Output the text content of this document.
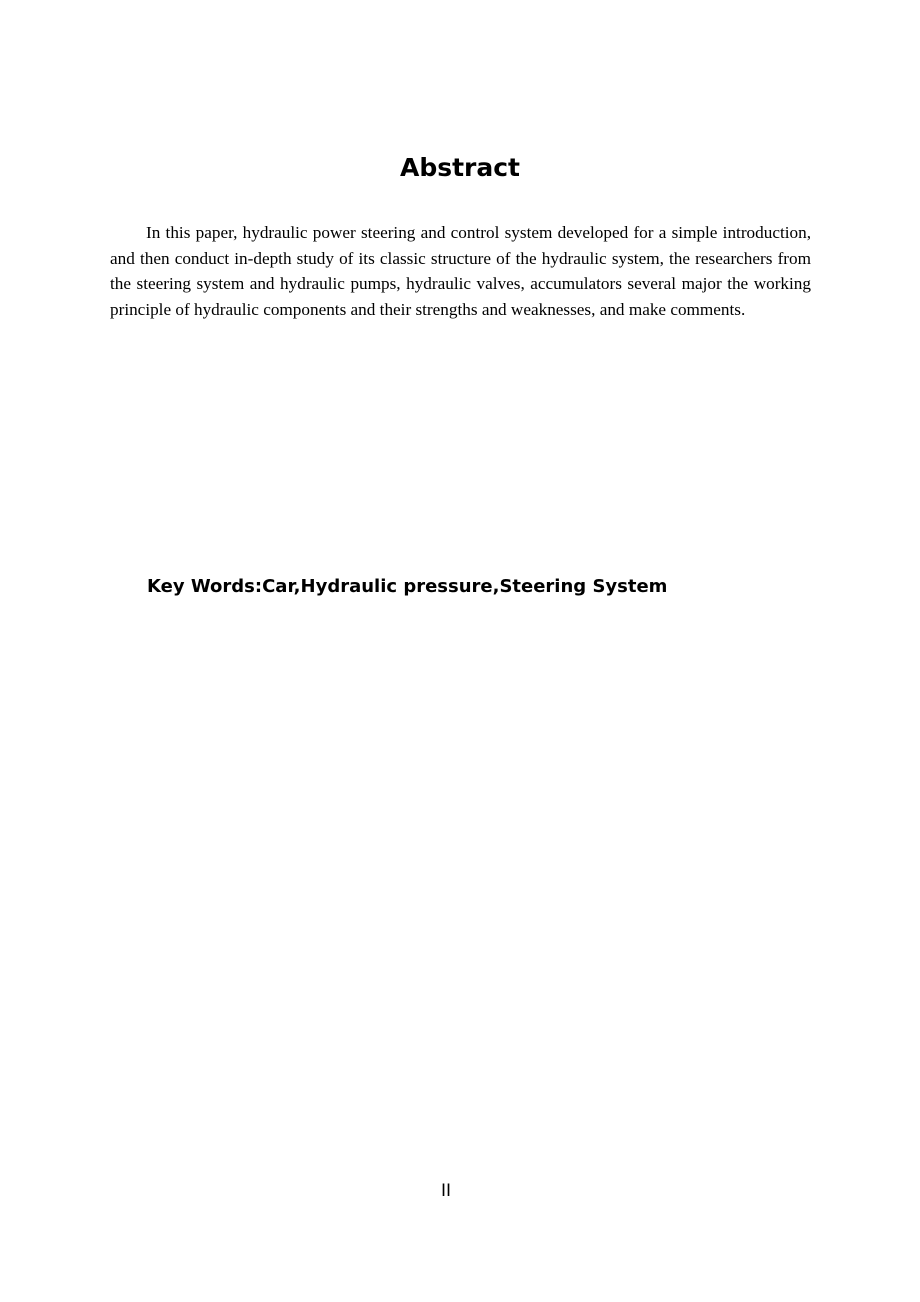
Abstract

In this paper, hydraulic power steering and control system developed for a simple introduction, and then conduct in-depth study of its classic structure of the hydraulic system, the researchers from the steering system and hydraulic pumps, hydraulic valves, accumulators several major the working principle of hydraulic components and their strengths and weaknesses, and make comments.

Key Words:Car,Hydraulic pressure,Steering System

II
